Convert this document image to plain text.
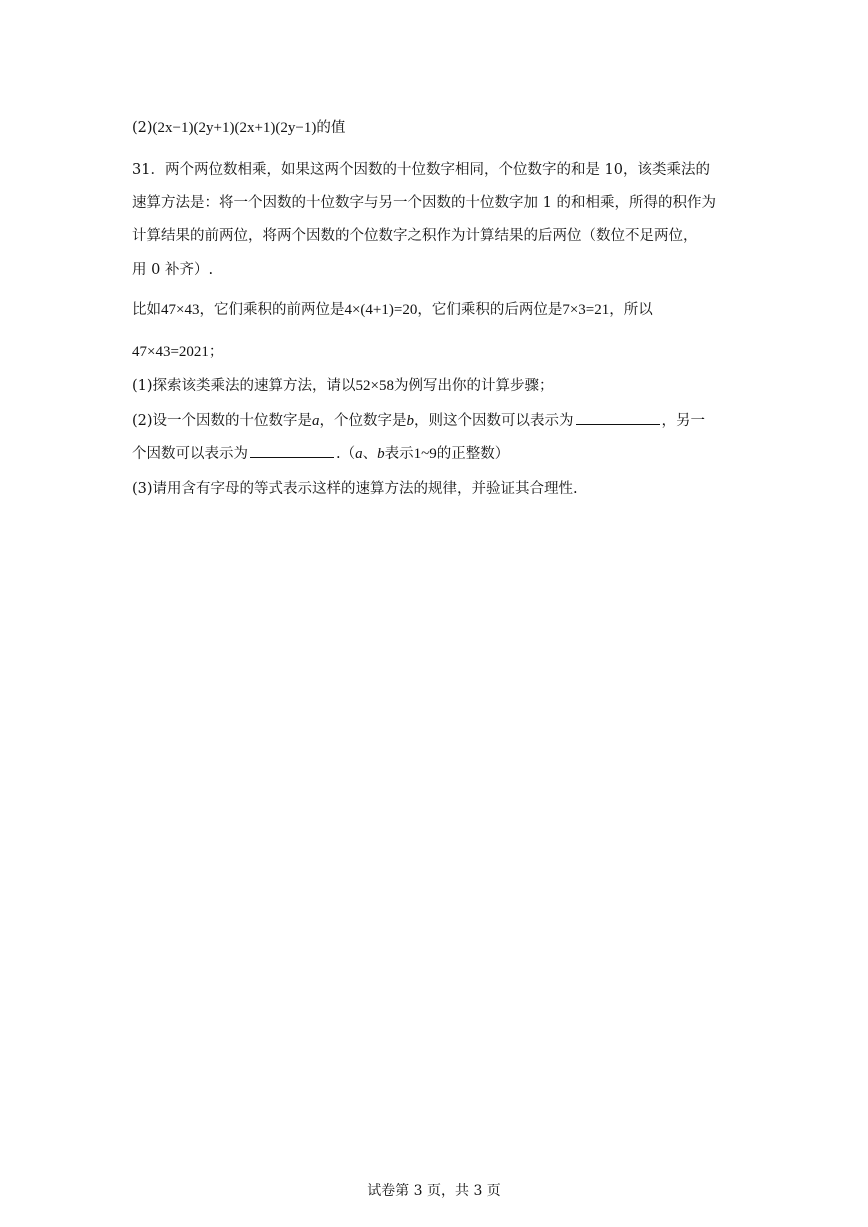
(2)(2x−1)(2y+1)(2x+1)(2y−1)的值
31．两个两位数相乘，如果这两个因数的十位数字相同，个位数字的和是 10，该类乘法的
速算方法是：将一个因数的十位数字与另一个因数的十位数字加 1 的和相乘，所得的积作为
计算结果的前两位，将两个因数的个位数字之积作为计算结果的后两位（数位不足两位，
用 0 补齐）.
比如47×43，它们乘积的前两位是4×(4+1)=20，它们乘积的后两位是7×3=21，所以
47×43=2021；
(1)探索该类乘法的速算方法，请以52×58为例写出你的计算步骤；
(2)设一个因数的十位数字是a，个位数字是b，则这个因数可以表示为	，另一
个因数可以表示为	.（a、b表示1~9的正整数）
(3)请用含有字母的等式表示这样的速算方法的规律，并验证其合理性.
试卷第 3 页，共 3 页
